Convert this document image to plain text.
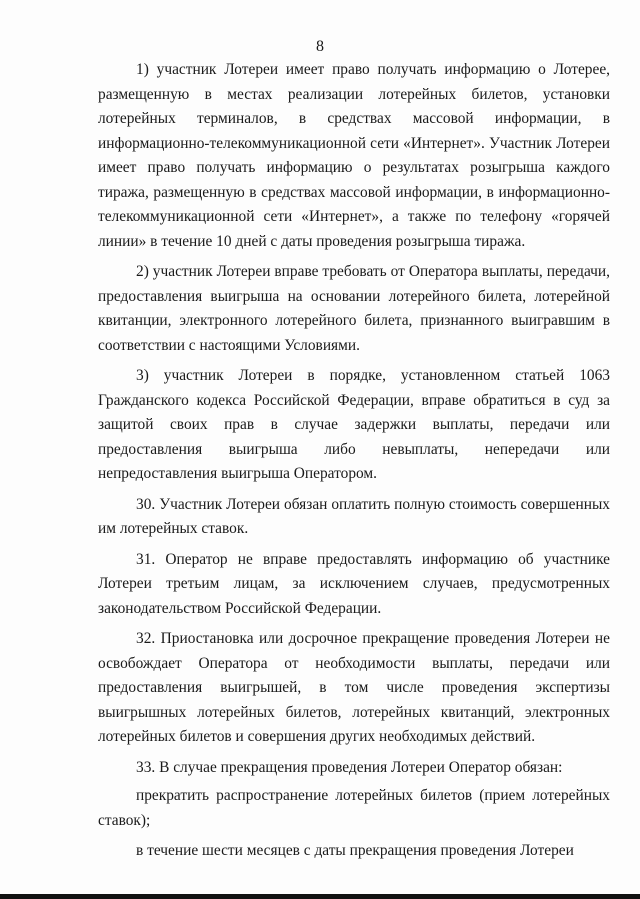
8

1) участник Лотереи имеет право получать информацию о Лотерее, размещенную в местах реализации лотерейных билетов, установки лотерейных терминалов, в средствах массовой информации, в информационно-телекоммуникационной сети «Интернет». Участник Лотереи имеет право получать информацию о результатах розыгрыша каждого тиража, размещенную в средствах массовой информации, в информационно-телекоммуникационной сети «Интернет», а также по телефону «горячей линии» в течение 10 дней с даты проведения розыгрыша тиража.

2) участник Лотереи вправе требовать от Оператора выплаты, передачи, предоставления выигрыша на основании лотерейного билета, лотерейной квитанции, электронного лотерейного билета, признанного выигравшим в соответствии с настоящими Условиями.

3) участник Лотереи в порядке, установленном статьей 1063 Гражданского кодекса Российской Федерации, вправе обратиться в суд за защитой своих прав в случае задержки выплаты, передачи или предоставления выигрыша либо невыплаты, непередачи или непредоставления выигрыша Оператором.

30. Участник Лотереи обязан оплатить полную стоимость совершенных им лотерейных ставок.

31. Оператор не вправе предоставлять информацию об участнике Лотереи третьим лицам, за исключением случаев, предусмотренных законодательством Российской Федерации.

32. Приостановка или досрочное прекращение проведения Лотереи не освобождает Оператора от необходимости выплаты, передачи или предоставления выигрышей, в том числе проведения экспертизы выигрышных лотерейных билетов, лотерейных квитанций, электронных лотерейных билетов и совершения других необходимых действий.

33. В случае прекращения проведения Лотереи Оператор обязан:

прекратить распространение лотерейных билетов (прием лотерейных ставок);

в течение шести месяцев с даты прекращения проведения Лотереи
